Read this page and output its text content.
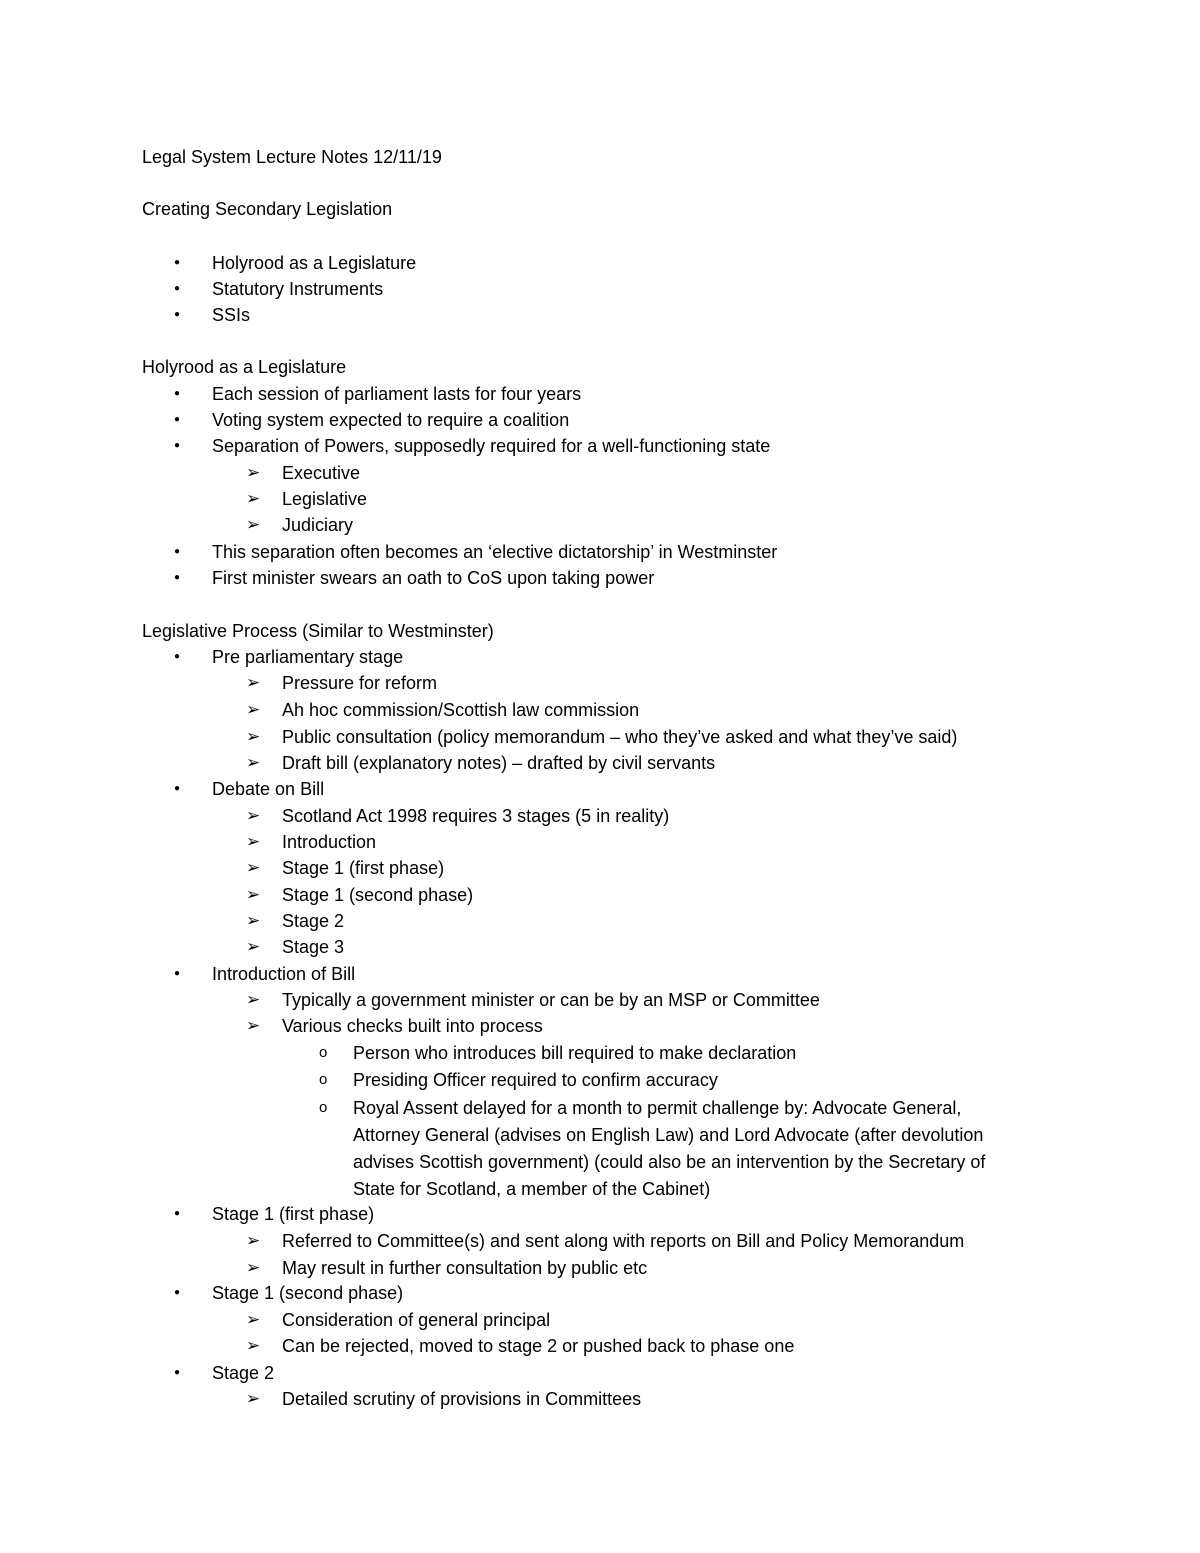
Legal System Lecture Notes 12/11/19
Creating Secondary Legislation
●
Holyrood as a Legislature
●
Statutory Instruments
●
SSIs
Holyrood as a Legislature
●
Each session of parliament lasts for four years
●
Voting system expected to require a coalition
●
Separation of Powers, supposedly required for a well-functioning state
➢
Executive
➢
Legislative
➢
Judiciary
●
This separation often becomes an ‘elective dictatorship’ in Westminster
●
First minister swears an oath to CoS upon taking power
Legislative Process (Similar to Westminster)
●
Pre parliamentary stage
➢
Pressure for reform
➢
Ah hoc commission/Scottish law commission
➢
Public consultation (policy memorandum – who they’ve asked and what they’ve said)
➢
Draft bill (explanatory notes) – drafted by civil servants
●
Debate on Bill
➢
Scotland Act 1998 requires 3 stages (5 in reality)
➢
Introduction
➢
Stage 1 (first phase)
➢
Stage 1 (second phase)
➢
Stage 2
➢
Stage 3
●
Introduction of Bill
➢
Typically a government minister or can be by an MSP or Committee
➢
Various checks built into process
o
Person who introduces bill required to make declaration
o
Presiding Officer required to confirm accuracy
o
Royal Assent delayed for a month to permit challenge by: Advocate General,
Attorney General (advises on English Law) and Lord Advocate (after devolution
advises Scottish government) (could also be an intervention by the Secretary of
State for Scotland, a member of the Cabinet)
●
Stage 1 (first phase)
➢
Referred to Committee(s) and sent along with reports on Bill and Policy Memorandum
➢
May result in further consultation by public etc
●
Stage 1 (second phase)
➢
Consideration of general principal
➢
Can be rejected, moved to stage 2 or pushed back to phase one
●
Stage 2
➢
Detailed scrutiny of provisions in Committees
